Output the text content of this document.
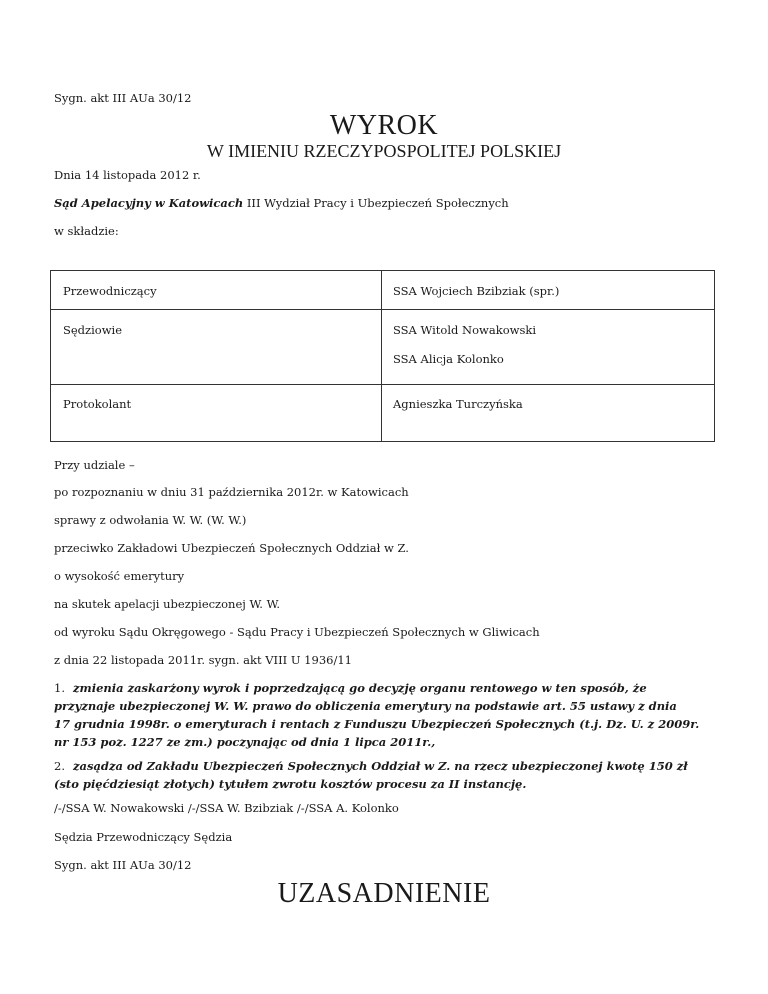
Sygn. akt III AUa 30/12
WYROK
W IMIENIU RZECZYPOSPOLITEJ POLSKIEJ
Dnia 14 listopada 2012 r.
Sąd Apelacyjny w Katowicach III Wydział Pracy i Ubezpieczeń Społecznych
w składzie:
Przewodniczący	SSA Wojciech Bzibziak (spr.)
Sędziowie	SSA Witold Nowakowski
SSA Alicja Kolonko
Protokolant	Agnieszka Turczyńska
Przy udziale –
po rozpoznaniu w dniu 31 października 2012r. w Katowicach
sprawy z odwołania W. W. (W. W.)
przeciwko Zakładowi Ubezpieczeń Społecznych Oddział w Z.
o wysokość emerytury
na skutek apelacji ubezpieczonej W. W.
od wyroku Sądu Okręgowego - Sądu Pracy i Ubezpieczeń Społecznych w Gliwicach
z dnia 22 listopada 2011r. sygn. akt VIII U 1936/11
1. zmienia zaskarżony wyrok i poprzedzającą go decyzję organu rentowego w ten sposób, że
przyznaje ubezpieczonej W. W. prawo do obliczenia emerytury na podstawie art. 55 ustawy z dnia
17 grudnia 1998r. o emeryturach i rentach z Funduszu Ubezpieczeń Społecznych (t.j. Dz. U. z 2009r.
nr 153 poz. 1227 ze zm.) poczynając od dnia 1 lipca 2011r.,
2. zasądza od Zakładu Ubezpieczeń Społecznych Oddział w Z. na rzecz ubezpieczonej kwotę 150 zł
(sto pięćdziesiąt złotych) tytułem zwrotu kosztów procesu za II instancję.
/-/SSA W. Nowakowski /-/SSA W. Bzibziak /-/SSA A. Kolonko
Sędzia Przewodniczący Sędzia
Sygn. akt III AUa 30/12
UZASADNIENIE
